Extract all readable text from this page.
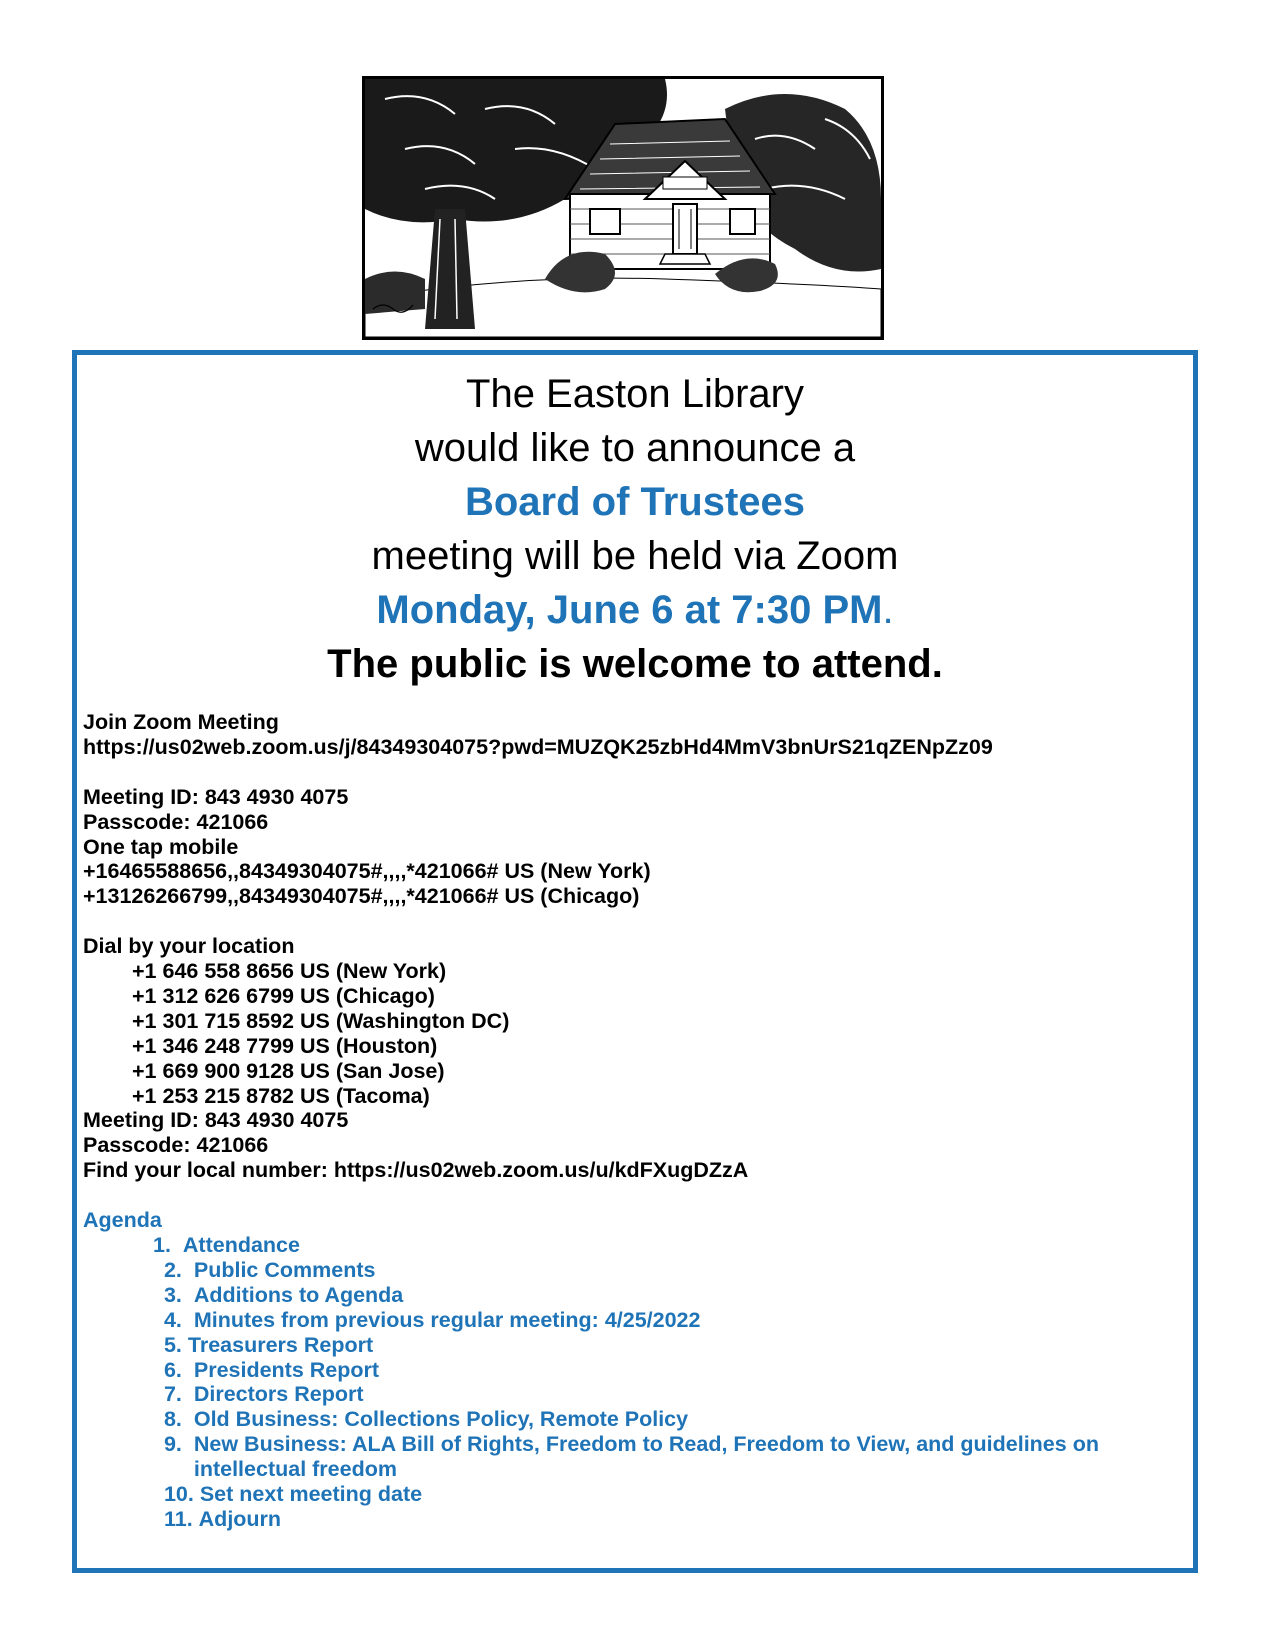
The Easton Library
would like to announce a
Board of Trustees
meeting will be held via Zoom
Monday, June 6 at 7:30 PM.
The public is welcome to attend.
Join Zoom Meeting
https://us02web.zoom.us/j/84349304075?pwd=MUZQK25zbHd4MmV3bnUrS21qZENpZz09
Meeting ID: 843 4930 4075
Passcode: 421066
One tap mobile
+16465588656,,84349304075#,,,,*421066# US (New York)
+13126266799,,84349304075#,,,,*421066# US (Chicago)
Dial by your location
+1 646 558 8656 US (New York)
+1 312 626 6799 US (Chicago)
+1 301 715 8592 US (Washington DC)
+1 346 248 7799 US (Houston)
+1 669 900 9128 US (San Jose)
+1 253 215 8782 US (Tacoma)
Meeting ID: 843 4930 4075
Passcode: 421066
Find your local number: https://us02web.zoom.us/u/kdFXugDZzA
Agenda
1. Attendance
2. Public Comments
3. Additions to Agenda
4. Minutes from previous regular meeting: 4/25/2022
5. Treasurers Report
6. Presidents Report
7. Directors Report
8. Old Business: Collections Policy, Remote Policy
9. New Business: ALA Bill of Rights, Freedom to Read, Freedom to View, and guidelines on intellectual freedom
10. Set next meeting date
11. Adjourn
